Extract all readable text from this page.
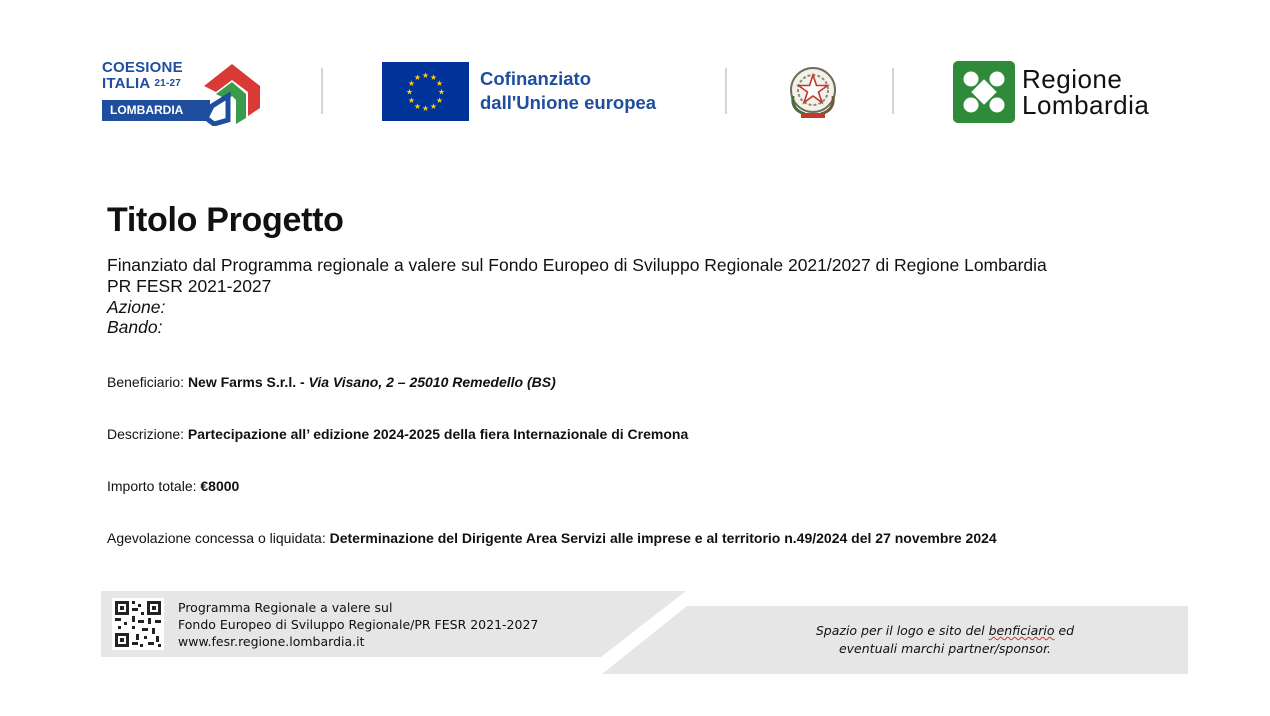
COESIONE
ITALIA 21-27
LOMBARDIA
★ ★
★
★
★
★
★
★
★
★
★
★	Cofinanziato
dall'Unione europea
Regione
Lombardia
Titolo Progetto
Finanziato dal Programma regionale a valere sul Fondo Europeo di Sviluppo Regionale 2021/2027 di Regione Lombardia
PR FESR 2021-2027
Azione:
Bando:
Beneficiario: New Farms S.r.l. - Via Visano, 2 – 25010 Remedello (BS)
Descrizione: Partecipazione all’ edizione 2024-2025 della fiera Internazionale di Cremona
Importo totale: €8000
Agevolazione concessa o liquidata: Determinazione del Dirigente Area Servizi alle imprese e al territorio n.49/2024 del 27 novembre 2024
Programma Regionale a valere sul
Fondo Europeo di Sviluppo Regionale/PR FESR 2021-2027
www.fesr.regione.lombardia.it
Spazio per il logo e sito del benficiario ed
eventuali marchi partner/sponsor.
